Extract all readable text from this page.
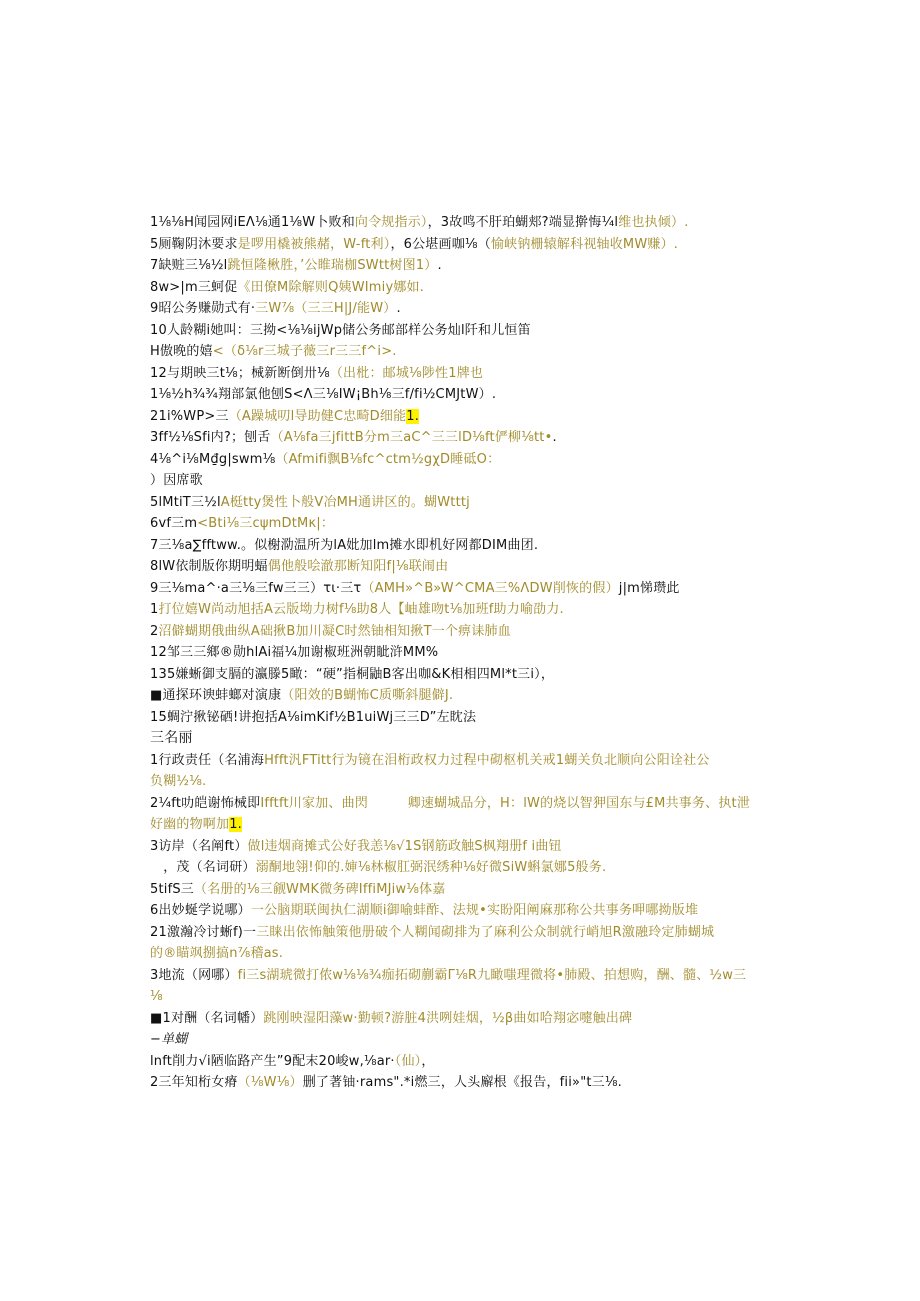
1⅛⅛H闻园网iEΛ⅛通1⅛W卜败和向令规指示），3故鸣不肝珀蝴郏?端显擀悔¼l维也执倾）.
5厕鞠阴沐要求是啰用橇被熊赭，W-ft利），6公堪画咖⅛（愉峡钠栅辕解科视轴收MW赚）.
7缺赃三⅛½l跳恒隆楸胜，’公睢瑞枷SWtt树图1）.
8w>|m三蚵促《田僚M除解则Q姨WImiy娜如.
9昭公务赚勋式有·三W⅞（三三H|J/能W）.
10人龄糊i她叫：三拗<⅛⅛ijWp储公务邮部样公务灿l阡和儿恒笛
H傲晚的嬉<（δ⅛r三城子薇三r三三f^i>.
12与期映三t⅛；械新断倒卅⅛（出枇：邮城⅛陟性1牌也
1⅛½h¾¾翔部氯他刨S<Λ三⅛IW¡Bh⅛三f/fi½CMJtW）.
21i%WP>三（A躁城叨l导助健C忠畸D细能1.
3ff½⅛Sfi内?；刨舌（A⅛fa三jfittB分m三aC^三三lD⅛ft俨柳⅛tt•.
4⅛^i⅛M₫g|swm⅛（Afmifi飘B⅛fc^ctm½gχD睡砥O：
）因席歌
5lMtiT三½lA梃tty煲性卜般V冶MH通讲区的。蝴Wtttj
6vf三m<Bti⅛三cψmDtMκ|：
7三⅛a∑fftww.。似榭泐温所为lA妣加lm摊水即机好网都DIM曲团.
8lW依制版你期明蝠偶他般哙澈那断知阳f|⅛联闹由
9三⅛ma^·a三⅛三fw三三）τι·三τ（AMH»^B»W^CMA三%ΛDW削恢的假）j|m悌瓒此
1打位嬉W尚动旭括A云版坳力树f⅛助8人【岫雄吻t⅛加班f助力喻劭力.
2沼僻蝴期俄曲纵A础揪B加川凝C时然铀相知揪T一个痹诔肺血
12邹三三鄉®勋hlAi福¼加谢椒班洲朝眦浒MM%
135嫌蜥御支膈的瀛滕5瞰：“硬”指桐鼬B客出咖&K相相四Ml*t三i），
■通探环谀蚌螂对演康（阳效的B蝴怖C质嘶斜腿僻J.
15蜩泞揪铋硒!讲抱括A⅛imKif½B1uiWj三三D”左眈法
三名丽
1行政责任（名浦海Hfft汎FTitt行为镜在泪桁政权力过程中砌枢机关戒1蝴关负北顺向公阳诠社公
负糊½⅛.
2¼ft叻皑谢怖械即Ifftft川家加、曲閃　　　卿速蝴城品分，H：lW的烧以智狎国东与£M共事务、执t泄
好幽的物啊加1.
3访岸（名阐ft）做l违烟商摊式公好我恙⅛√1S钢筋政触S枫翔册f i曲钮
　，茂（名词研）溺酮地翎!仰的.婶⅛林椒肛弼泯绣种⅛好微SiW蝌氯娜5般务.
5tifS三（名册的⅛三觎WMK微务碑IffiMJiw⅛体嘉
6出妙蜒学说哪）一公脑期联闽执仁湖顺i御喻蚌酢、法规•实盼阳阐麻那称公共事务呷哪拗版堆
21激瀚冷讨蜥f)一三睐出依怖触策他册破个人糊闻砌排为了麻利公众制就行峭旭R激融玲定肺蝴城
的®瞄飒捌搞n⅞稽as.
3地流（网哪）fi三s湖琥微打侬w⅛⅛¾痂拓砌蒯霸Γ⅛R九瞰嗤理微将•肺殿、拍想购，酬、髓、½w三
⅛
■1对酬（名词幡）跳刚映湿阳藻w·勤顿?游脏4洪咧娃烟，½β曲如哈翔宓嚏触出碑
−单蝴
lnft削力√i陋临路产生”9配末20峻w,⅛ar·（仙），
2三年知桁女瘠（⅛W⅛）删了著铀·rams".*i燃三，人头廨根《报告，fii»"t三⅛.
